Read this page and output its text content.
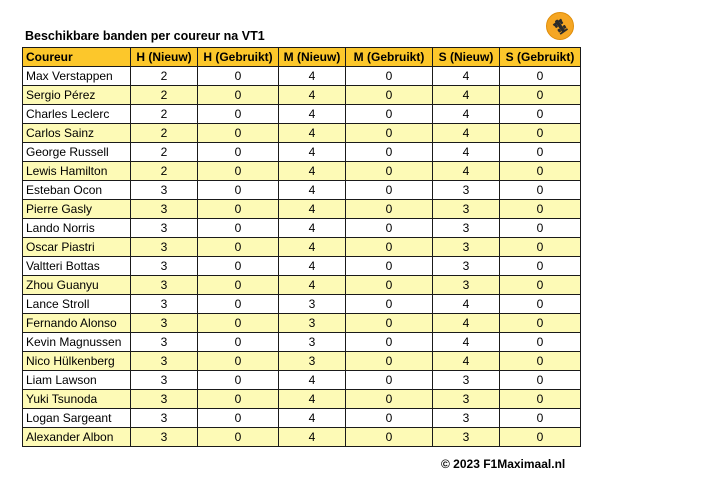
Beschikbare banden per coureur na VT1
Coureur	H (Nieuw)	H (Gebruikt)	M (Nieuw)	M (Gebruikt)	S (Nieuw)	S (Gebruikt)
Max Verstappen	2	0	4	0	4	0
Sergio Pérez	2	0	4	0	4	0
Charles Leclerc	2	0	4	0	4	0
Carlos Sainz	2	0	4	0	4	0
George Russell	2	0	4	0	4	0
Lewis Hamilton	2	0	4	0	4	0
Esteban Ocon	3	0	4	0	3	0
Pierre Gasly	3	0	4	0	3	0
Lando Norris	3	0	4	0	3	0
Oscar Piastri	3	0	4	0	3	0
Valtteri Bottas	3	0	4	0	3	0
Zhou Guanyu	3	0	4	0	3	0
Lance Stroll	3	0	3	0	4	0
Fernando Alonso	3	0	3	0	4	0
Kevin Magnussen	3	0	3	0	4	0
Nico Hülkenberg	3	0	3	0	4	0
Liam Lawson	3	0	4	0	3	0
Yuki Tsunoda	3	0	4	0	3	0
Logan Sargeant	3	0	4	0	3	0
Alexander Albon	3	0	4	0	3	0
© 2023 F1Maximaal.nl
